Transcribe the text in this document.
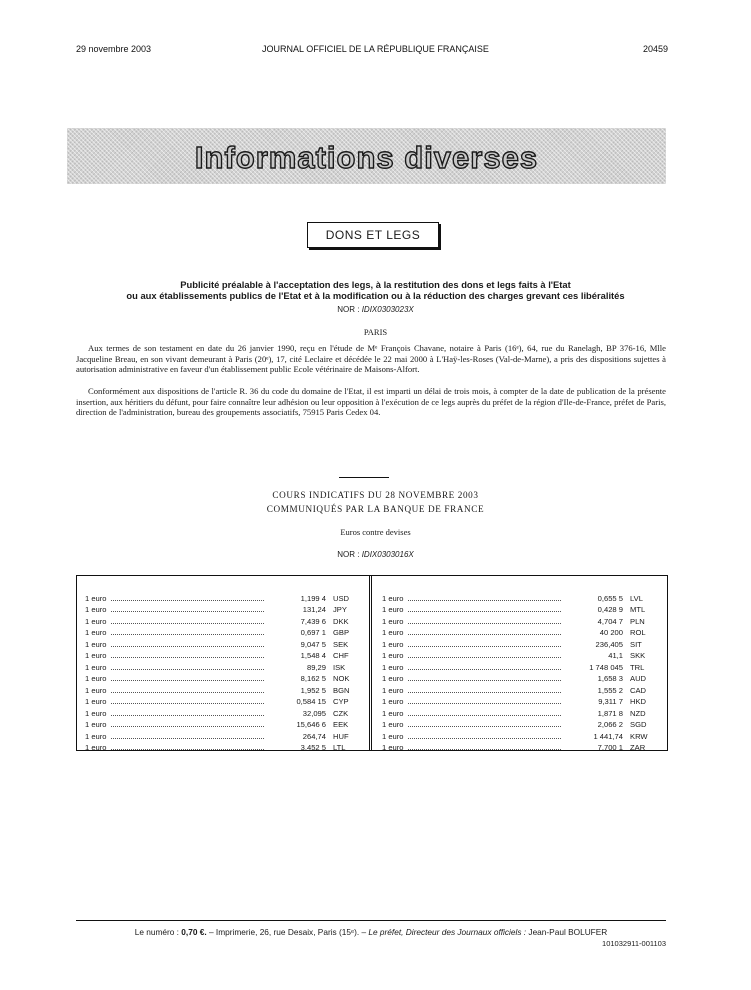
29 novembre 2003	JOURNAL OFFICIEL DE LA RÉPUBLIQUE FRANÇAISE	20459
Informations diverses
DONS ET LEGS
Publicité préalable à l'acceptation des legs, à la restitution des dons et legs faits à l'Etat
ou aux établissements publics de l'Etat et à la modification ou à la réduction des charges grevant ces libéralités
NOR : IDIX0303023X
PARIS
Aux termes de son testament en date du 26 janvier 1990, reçu en l'étude de Mᵉ François Chavane, notaire à Paris (16ᵉ), 64, rue du Ranelagh, BP 376-16, Mlle Jacqueline Breau, en son vivant demeurant à Paris (20ᵉ), 17, cité Leclaire et décédée le 22 mai 2000 à L'Haÿ-les-Roses (Val-de-Marne), a pris des dispositions sujettes à autorisation administrative en faveur d'un établissement public Ecole vétérinaire de Maisons-Alfort.
Conformément aux dispositions de l'article R. 36 du code du domaine de l'Etat, il est imparti un délai de trois mois, à compter de la date de publication de la présente insertion, aux héritiers du défunt, pour faire connaître leur adhésion ou leur opposition à l'exécution de ce legs auprès du préfet de la région d'Ile-de-France, préfet de Paris, direction de l'administration, bureau des groupements associatifs, 75915 Paris Cedex 04.
COURS INDICATIFS DU 28 NOVEMBRE 2003
COMMUNIQUÉS PAR LA BANQUE DE FRANCE
Euros contre devises
NOR : IDIX0303016X
1 euro	1,199 4 USD
1 euro	131,24 JPY
1 euro	7,439 6 DKK
1 euro	0,697 1 GBP
1 euro	9,047 5 SEK
1 euro	1,548 4 CHF
1 euro	89,29 ISK
1 euro	8,162 5 NOK
1 euro	1,952 5 BGN
1 euro	0,584 15 CYP
1 euro	32,095 CZK
1 euro	15,646 6 EEK
1 euro	264,74 HUF
1 euro	3,452 5 LTL
1 euro	0,655 5 LVL
1 euro	0,428 9 MTL
1 euro	4,704 7 PLN
1 euro	40 200 ROL
1 euro	236,405 SIT
1 euro	41,1 SKK
1 euro	1 748 045 TRL
1 euro	1,658 3 AUD
1 euro	1,555 2 CAD
1 euro	9,311 7 HKD
1 euro	1,871 8 NZD
1 euro	2,066 2 SGD
1 euro	1 441,74 KRW
1 euro	7,700 1 ZAR
Le numéro : 0,70 €. – Imprimerie, 26, rue Desaix, Paris (15ᵉ). – Le préfet, Directeur des Journaux officiels : Jean-Paul BOLUFER
101032911-001103
